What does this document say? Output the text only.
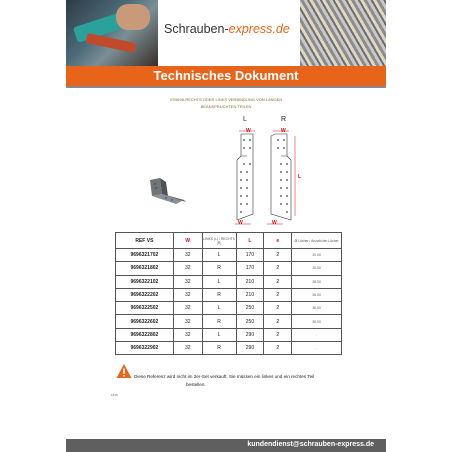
Schrauben-express.de
Technisches Dokument
VS9696-RECHTS ODER LINKS VERBINDUNG VON LANGEN
BEANSPRUCHTEN TEILEN
L	R
W	W
W	W
L
REF VS	W	LINKS (L) / RECHTS (R)	L	e	Ø Löcher / Anzahl der Löcher
9696321702	32	L	170	2	20.00
9696321802	32	R	170	2	20.00
9696322102	32	L	210	2	26.00
9696322202	32	R	210	2	26.00
9696322502	32	L	250	2	30.00
9696322602	32	R	250	2	30.00
9696322802	32	L	290	2	-
9696322902	32	R	290	2	-
Diese Referenz wird nicht im 2er-Set verkauft. Sie müssen ein linkes und ein rechtes Teil
bestellen.
1645
kundendienst@schrauben-express.de
